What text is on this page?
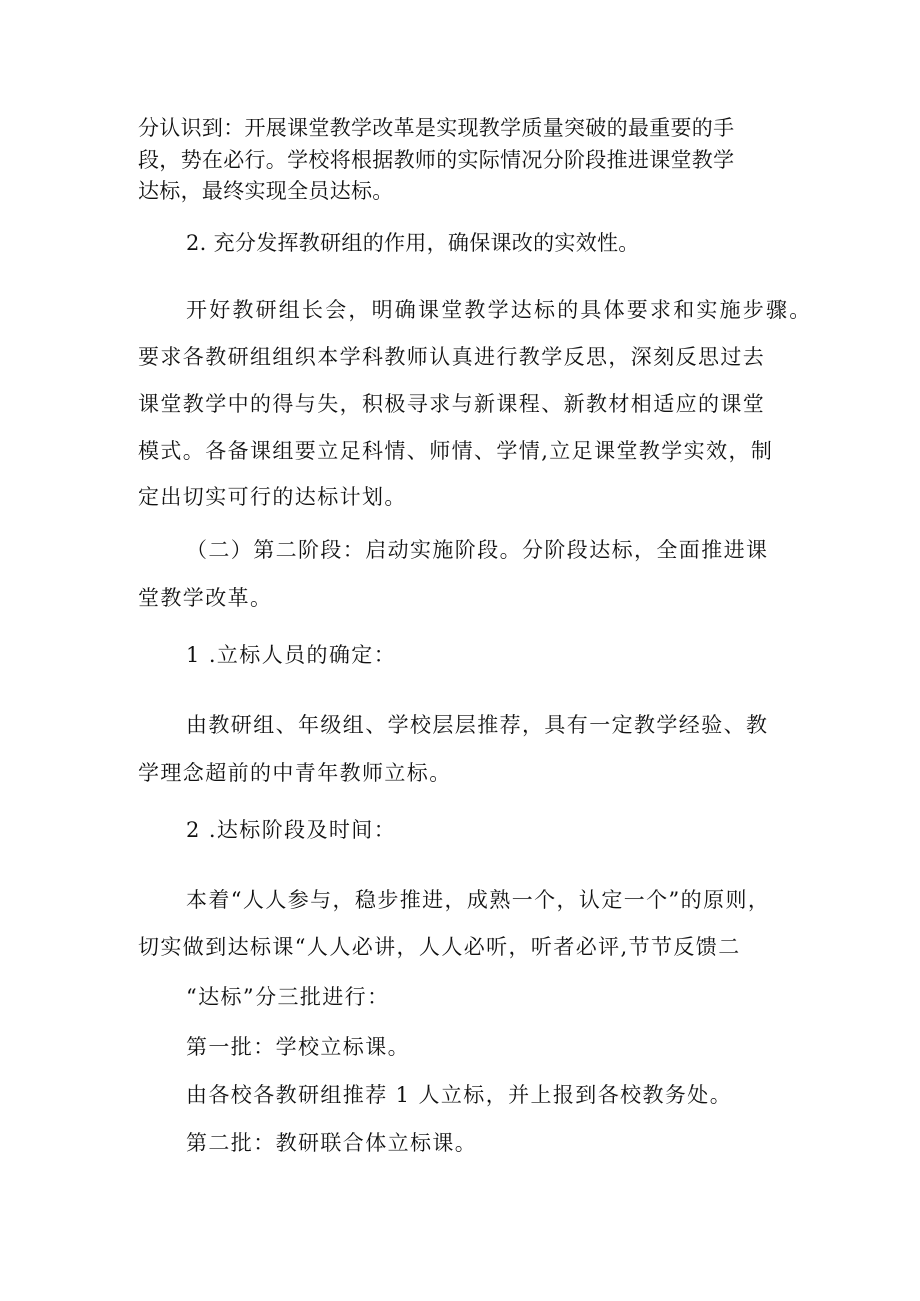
分认识到：开展课堂教学改革是实现教学质量突破的最重要的手
段，势在必行。学校将根据教师的实际情况分阶段推进课堂教学
达标，最终实现全员达标。
2. 充分发挥教研组的作用，确保课改的实效性。
开好教研组长会，明确课堂教学达标的具体要求和实施步骤。
要求各教研组组织本学科教师认真进行教学反思，深刻反思过去
课堂教学中的得与失，积极寻求与新课程、新教材相适应的课堂
模式。各备课组要立足科情、师情、学情,立足课堂教学实效，制
定出切实可行的达标计划。
（二）第二阶段：启动实施阶段。分阶段达标，全面推进课
堂教学改革。
1 .立标人员的确定：
由教研组、年级组、学校层层推荐，具有一定教学经验、教
学理念超前的中青年教师立标。
2 .达标阶段及时间：
本着“人人参与，稳步推进，成熟一个，认定一个”的原则，
切实做到达标课“人人必讲，人人必听，听者必评,节节反馈二
“达标”分三批进行：
第一批：学校立标课。
由各校各教研组推荐 1 人立标，并上报到各校教务处。
第二批：教研联合体立标课。
